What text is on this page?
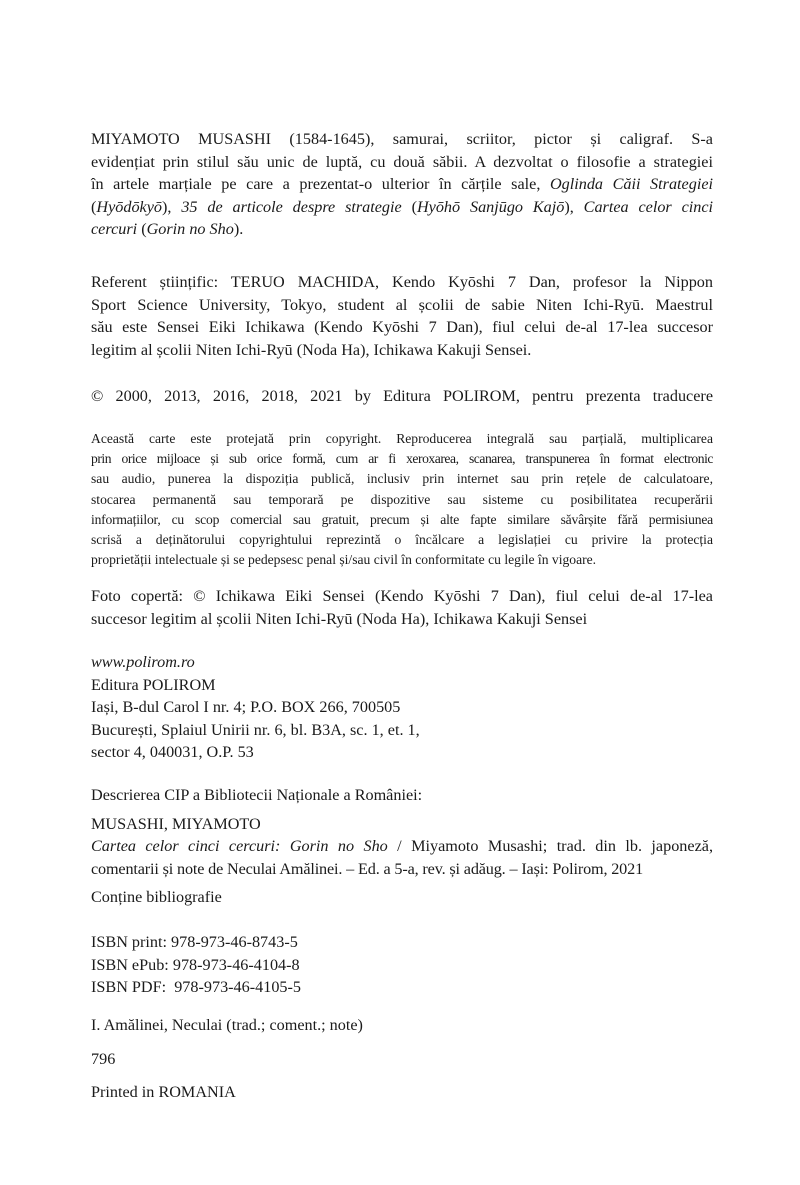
MIYAMOTO MUSASHI (1584-1645), samurai, scriitor, pictor și caligraf. S-a
evidențiat prin stilul său unic de luptă, cu două săbii. A dezvoltat o filosofie a strategiei
în artele marțiale pe care a prezentat-o ulterior în cărțile sale, Oglinda Căii Strategiei
(Hyōdōkyō), 35 de articole despre strategie (Hyōhō Sanjūgo Kajō), Cartea celor cinci
cercuri (Gorin no Sho).
Referent științific: TERUO MACHIDA, Kendo Kyōshi 7 Dan, profesor la Nippon
Sport Science University, Tokyo, student al școlii de sabie Niten Ichi-Ryū. Maestrul
său este Sensei Eiki Ichikawa (Kendo Kyōshi 7 Dan), fiul celui de-al 17-lea succesor
legitim al școlii Niten Ichi-Ryū (Noda Ha), Ichikawa Kakuji Sensei.
© 2000, 2013, 2016, 2018, 2021 by Editura POLIROM, pentru prezenta traducere
Această carte este protejată prin copyright. Reproducerea integrală sau parțială, multiplicarea
prin orice mijloace și sub orice formă, cum ar fi xeroxarea, scanarea, transpunerea în format electronic
sau audio, punerea la dispoziția publică, inclusiv prin internet sau prin rețele de calculatoare,
stocarea permanentă sau temporară pe dispozitive sau sisteme cu posibilitatea recuperării
informațiilor, cu scop comercial sau gratuit, precum și alte fapte similare săvârșite fără permisiunea
scrisă a deținătorului copyrightului reprezintă o încălcare a legislației cu privire la protecția
proprietății intelectuale și se pedepsesc penal și/sau civil în conformitate cu legile în vigoare.
Foto copertă: © Ichikawa Eiki Sensei (Kendo Kyōshi 7 Dan), fiul celui de-al 17-lea
succesor legitim al școlii Niten Ichi-Ryū (Noda Ha), Ichikawa Kakuji Sensei
www.polirom.ro
Editura POLIROM
Iași, B-dul Carol I nr. 4; P.O. BOX 266, 700505
București, Splaiul Unirii nr. 6, bl. B3A, sc. 1, et. 1,
sector 4, 040031, O.P. 53
Descrierea CIP a Bibliotecii Naționale a României:
MUSASHI, MIYAMOTO
Cartea celor cinci cercuri: Gorin no Sho / Miyamoto Musashi; trad. din lb. japoneză,
comentarii și note de Neculai Amălinei. – Ed. a 5-a, rev. și adăug. – Iași: Polirom, 2021
Conține bibliografie
ISBN print: 978-973-46-8743-5
ISBN ePub: 978-973-46-4104-8
ISBN PDF:  978-973-46-4105-5
I. Amălinei, Neculai (trad.; coment.; note)
796
Printed in ROMANIA
